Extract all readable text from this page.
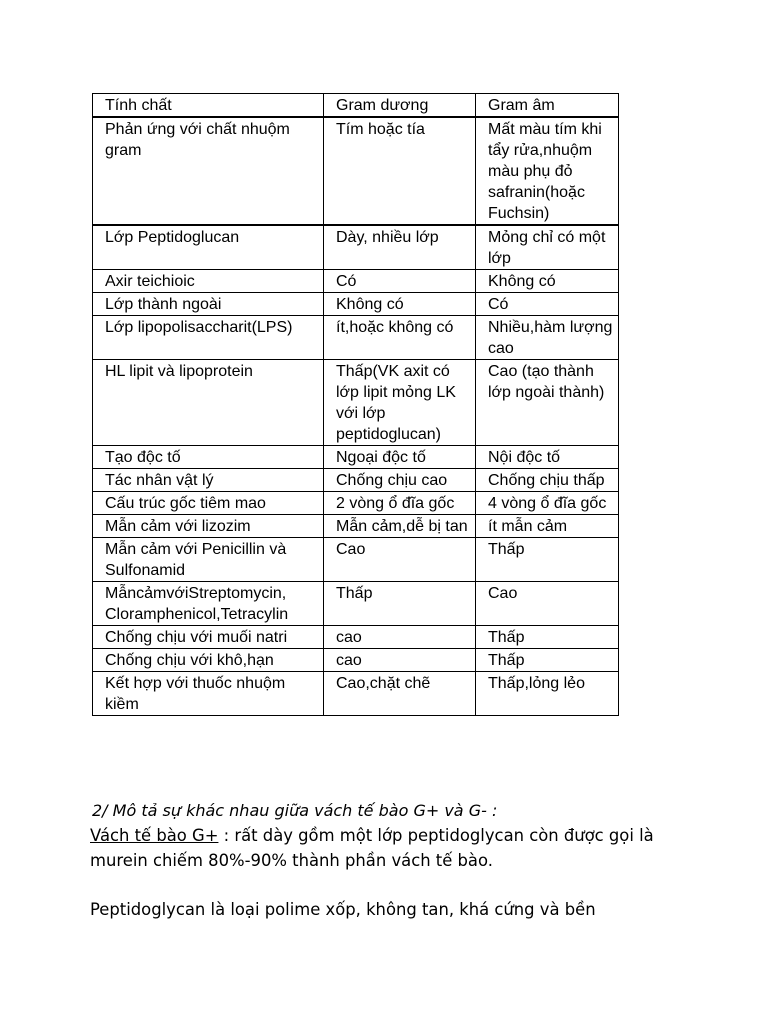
Tính chất	Gram dương	Gram âm
Phản ứng với chất nhuộm gram	Tím hoặc tía	Mất màu tím khi tẩy rửa,nhuộm màu phụ đỏ safranin(hoặc Fuchsin)
Lớp Peptidoglucan	Dày, nhiều lớp	Mỏng chỉ có một lớp
Axir teichioic	Có	Không có
Lớp thành ngoài	Không có	Có
Lớp lipopolisaccharit(LPS)	ít,hoặc không có	Nhiều,hàm lượng cao
HL lipit và lipoprotein	Thấp(VK axit có lớp lipit mỏng LK với lớp peptidoglucan)	Cao (tạo thành lớp ngoài thành)
Tạo độc tố	Ngoại độc tố	Nội độc tố
Tác nhân vật lý	Chống chịu cao	Chống chịu thấp
Cấu trúc gốc tiêm mao	2 vòng ổ đĩa gốc	4 vòng ổ đĩa gốc
Mẫn cảm với lizozim	Mẫn cảm,dễ bị tan	ít mẫn cảm
Mẫn cảm với Penicillin và Sulfonamid	Cao	Thấp
MẫncảmvớiStreptomycin, Cloramphenicol,Tetracylin	Thấp	Cao
Chống chịu với muối natri	cao	Thấp
Chống chịu với khô,hạn	cao	Thấp
Kết hợp với thuốc nhuộm kiềm	Cao,chặt chẽ	Thấp,lỏng lẻo
2/ Mô tả sự khác nhau giữa vách tế bào G+ và G- :
Vách tế bào G+ : rất dày gồm một lớp peptidoglycan còn được gọi là murein chiếm 80%-90% thành phần vách tế bào.
Peptidoglycan là loại polime xốp, không tan, khá cứng và bền
